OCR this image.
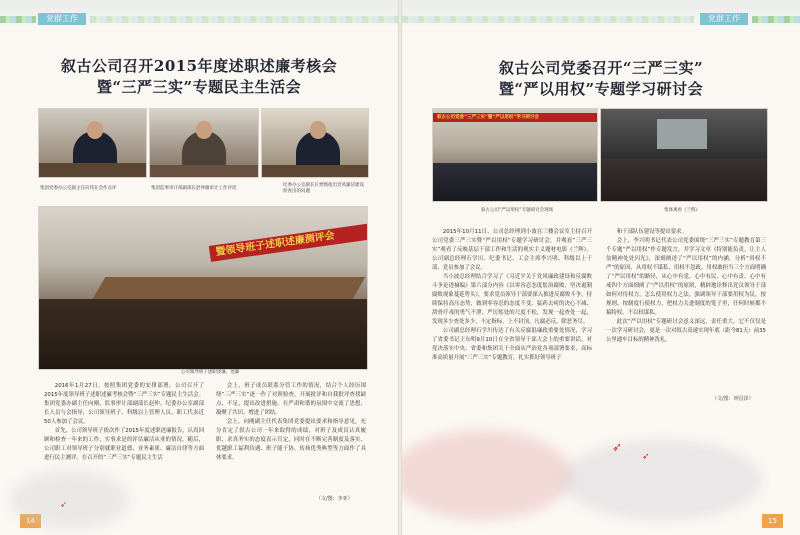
党群工作
叙古公司召开2015年度述职述廉考核会
暨“三严三实”专题民主生活会
集团党委办公室副主任向伟在会作点评	集团监事审计部副部长赵仲雄审计工作评话
纪委办公室副长长贾甄指出党风廉洁建设检查出的问题
暨领导班子述职述廉测评会
公司领导班子述职述廉、述廉

2016年1月27日，按照集团党委的安排部署，公司召开了2015年度领导班子述职述廉考核会暨“三严三实”专题民主生活会。集团党委办副主任向刚、监事审计部副部长赵仲、纪委办公室副部长人员与会指导，公司领导班子、科级以上管理人员、职工代表近50人参加了会议。

首先，公司领导班子依次作了2015年度述职述廉报告，认真回顾和检查一年来的工作，实事求是的评估廉洁从业的情况。随后，公司职工对领导班子分别就职业道德、业务素质、廉洁自律等方面进行民主测评。在召开的“三严三实”专题民主生活

会上，班子成员联系分管工作的情况，结合个人经历围绕“三严三实”逐一作了对照检查，开展批评和自我批评查找缺点、不足，提出改进措施。在严肃和谐的氛围中交流了思想、凝聚了共识、增进了团结。

会上，向刚副主任代表集团党委提出要求和指导意见，充分肯定了叙古公司一年来取得的成绩，对班子及成员认真履职、求真务实的态度表示肯定，同时在不断完善制度及落实、优越职工福利待遇、班子能干协、传扬优秀典型等方面作了具体要求。

（文/图：李亚）
14
党群工作
叙古公司党委召开“三严三实”
暨“严以用权”专题学习研讨会
叙古公司党委“三严三实”暨“严以用权”学习研讨会
叙古公司“严以用权”专题研讨会现场	集体观看《兰辉》

2015年10月11日，公司总经理到小波在三楼会议室主持召开公司党委三严三实暨“严以用权”专题学习研讨会，并观看“三严三实”观看了反映基层干部工作和生活的现实主义题材电影《兰辉》。公司副总经理石学川、纪委书记、工会主席李兴明、科级以上干部、党员参加了会议。

当小波总经理结合学习了《习近平关于党风廉政建设和反腐败斗争论述摘编》第六部分内容《以零容忍态度惩治腐败，坚决遏制腐败现象蔓延势头》，要求党员领导干部要深入推进反腐败斗争，持续保持高压态势，做到零容忍的态度不变、猛药去疴的决心不减、刮骨疗毒的勇气不泄、严厉惩处的尺度不松，发现一起查处一起，发现多少查处多少，不定指标，上不封顶，凡腐必反，除恶务尽。

公司副总经理石学川传达了有关反腐倡廉政重要处情况，学习了省委书记王东明9月10日在全省领导干部大会上的重要讲话，对党决落实中央、省委和集团关于全面从严治党各项部署要求，高标准高质量开展“三严三实”专题教育，扎实抓好领导班子

和干部队伍建设等提出要求。

会上，李兴明书记代表公司党委围绕“三严三实”专题教育第三个专题“严以用权”作专题发言，并学习文章《特别能负责，让主人翁精神处处闪光》，深刻阐述了“严以用权”的内涵，分析“用权不严”的原因，从用权不谋私、用权不忽政、用权敢担当三个方面明确了“严以用权”的路径，从心中有党、心中有民、心中有责、心中有戒四个方面细阐了“严以用权”的原则，精辟地诠释出党员领导干部如何对待权力，怎么使用权力之法，强调领导干部要用权为民，按规则、按制度行使权力，把权力关进制度的笼子里，任何时候都不搞特权、不以权谋私。

此次“严以用权”专题研讨会意义深远，责任重大。它不仅仅是一次学习研讨会，更是一次对叙古高速实现年底（距今81天）前35公里通车目标的精神洗礼。

➶
➶
（文/图：钟昌泽）
15
➶
